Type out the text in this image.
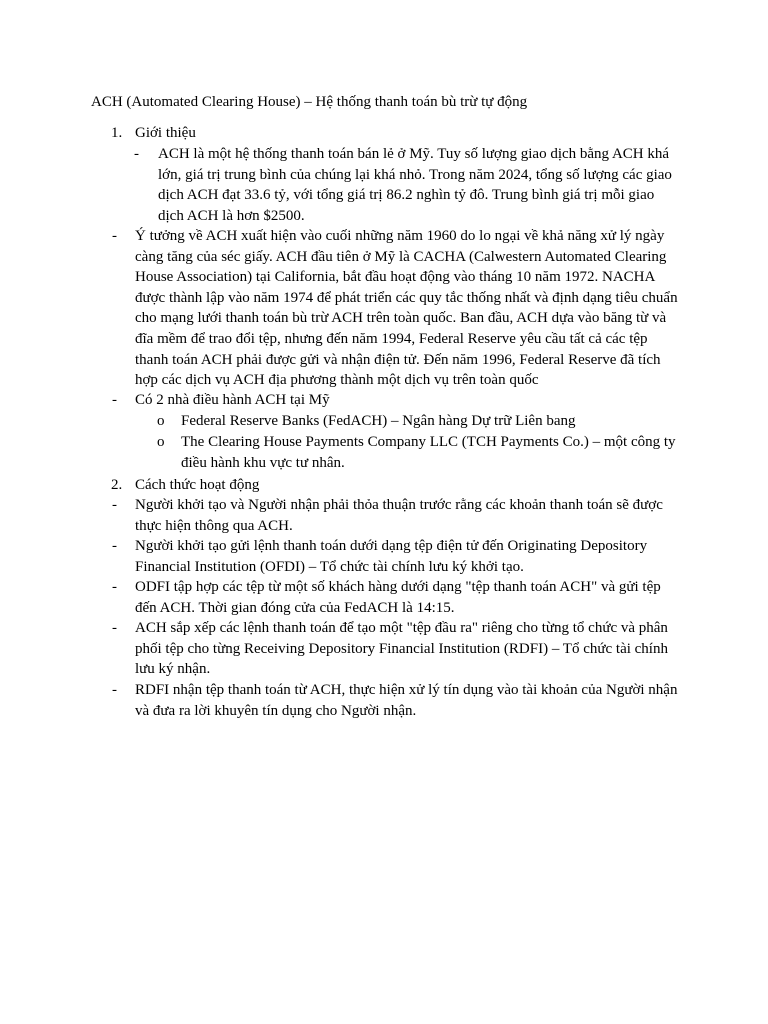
ACH (Automated Clearing House) – Hệ thống thanh toán bù trừ tự động
1. Giới thiệu
- ACH là một hệ thống thanh toán bán lẻ ở Mỹ. Tuy số lượng giao dịch bằng ACH khá lớn, giá trị trung bình của chúng lại khá nhỏ. Trong năm 2024, tổng số lượng các giao dịch ACH đạt 33.6 tỷ, với tổng giá trị 86.2 nghìn tỷ đô. Trung bình giá trị mỗi giao dịch ACH là hơn $2500.
- Ý tưởng về ACH xuất hiện vào cuối những năm 1960 do lo ngại về khả năng xử lý ngày càng tăng của séc giấy. ACH đầu tiên ở Mỹ là CACHA (Calwestern Automated Clearing House Association) tại California, bắt đầu hoạt động vào tháng 10 năm 1972. NACHA được thành lập vào năm 1974 để phát triển các quy tắc thống nhất và định dạng tiêu chuẩn cho mạng lưới thanh toán bù trừ ACH trên toàn quốc. Ban đầu, ACH dựa vào băng từ và đĩa mềm để trao đổi tệp, nhưng đến năm 1994, Federal Reserve yêu cầu tất cả các tệp thanh toán ACH phải được gửi và nhận điện tử. Đến năm 1996, Federal Reserve đã tích hợp các dịch vụ ACH địa phương thành một dịch vụ trên toàn quốc
- Có 2 nhà điều hành ACH tại Mỹ
o Federal Reserve Banks (FedACH) – Ngân hàng Dự trữ Liên bang
o The Clearing House Payments Company LLC (TCH Payments Co.) – một công ty điều hành khu vực tư nhân.
2. Cách thức hoạt động
- Người khởi tạo và Người nhận phải thỏa thuận trước rằng các khoản thanh toán sẽ được thực hiện thông qua ACH.
- Người khởi tạo gửi lệnh thanh toán dưới dạng tệp điện tử đến Originating Depository Financial Institution (OFDI) – Tổ chức tài chính lưu ký khởi tạo.
- ODFI tập hợp các tệp từ một số khách hàng dưới dạng "tệp thanh toán ACH" và gửi tệp đến ACH. Thời gian đóng cửa của FedACH là 14:15.
- ACH sắp xếp các lệnh thanh toán để tạo một "tệp đầu ra" riêng cho từng tổ chức và phân phối tệp cho từng Receiving Depository Financial Institution (RDFI) – Tổ chức tài chính lưu ký nhận.
- RDFI nhận tệp thanh toán từ ACH, thực hiện xử lý tín dụng vào tài khoản của Người nhận và đưa ra lời khuyên tín dụng cho Người nhận.
